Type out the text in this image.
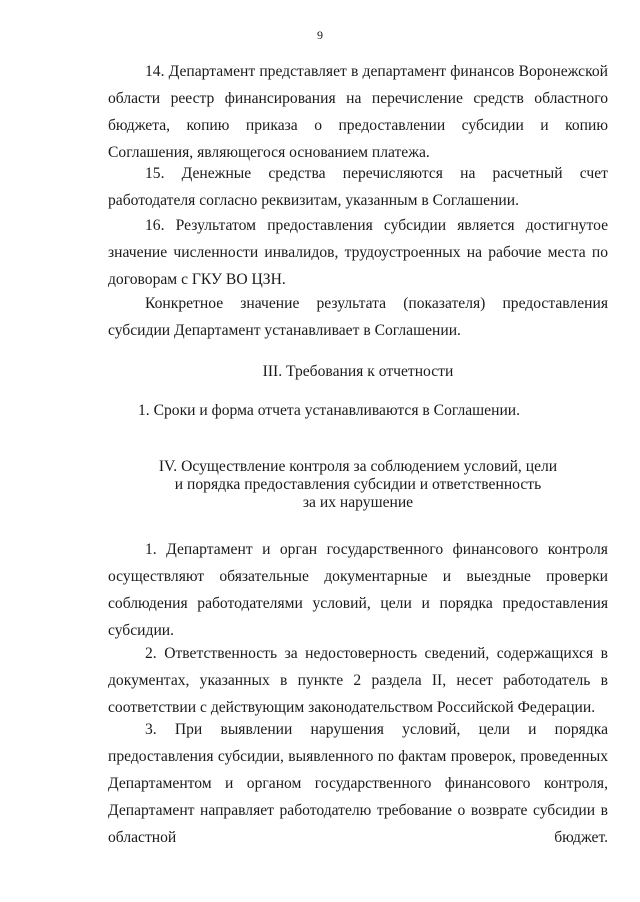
9
14. Департамент представляет в департамент финансов Воронежской области реестр финансирования на перечисление средств областного бюджета, копию приказа о предоставлении субсидии и копию Соглашения, являющегося основанием платежа.
15. Денежные средства перечисляются на расчетный счет работодателя согласно реквизитам, указанным в Соглашении.
16. Результатом предоставления субсидии является достигнутое значение численности инвалидов, трудоустроенных на рабочие места по договорам с ГКУ ВО ЦЗН.
Конкретное значение результата (показателя) предоставления субсидии Департамент устанавливает в Соглашении.
III. Требования к отчетности
1. Сроки и форма отчета устанавливаются в Соглашении.
IV. Осуществление контроля за соблюдением условий, цели
и порядка предоставления субсидии и ответственность
за их нарушение
1. Департамент и орган государственного финансового контроля осуществляют обязательные документарные и выездные проверки соблюдения работодателями условий, цели и порядка предоставления субсидии.
2. Ответственность за недостоверность сведений, содержащихся в документах, указанных в пункте 2 раздела II, несет работодатель в соответствии с действующим законодательством Российской Федерации.
3. При выявлении нарушения условий, цели и порядка предоставления субсидии, выявленного по фактам проверок, проведенных Департаментом и органом государственного финансового контроля, Департамент направляет работодателю требование о возврате субсидии в областной бюджет.
